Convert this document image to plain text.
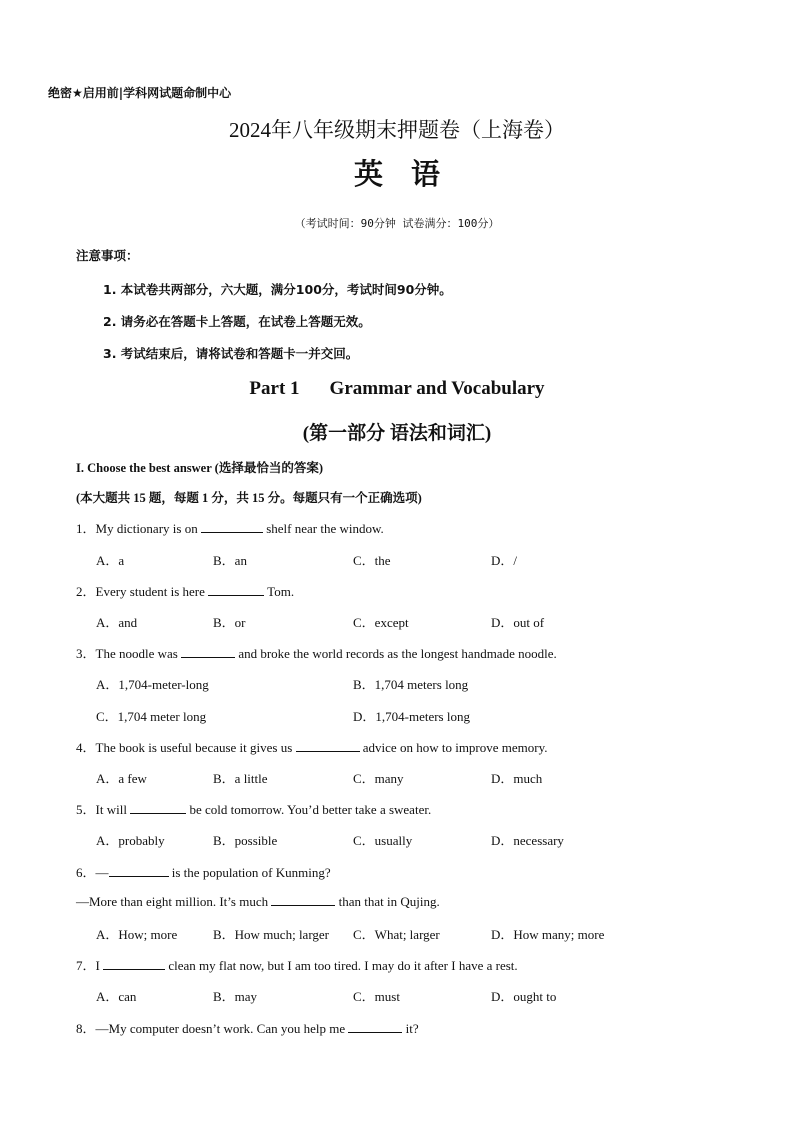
绝密★启用前|学科网试题命制中心
2024年八年级期末押题卷（上海卷）
英语
（考试时间：90分钟 试卷满分：100分）
注意事项：
1. 本试卷共两部分，六大题，满分100分，考试时间90分钟。
2. 请务必在答题卡上答题，在试卷上答题无效。
3. 考试结束后，请将试卷和答题卡一并交回。
Part 1 Grammar and Vocabulary
(第一部分 语法和词汇)
I. Choose the best answer (选择最恰当的答案)
(本大题共 15 题，每题 1 分，共 15 分。每题只有一个正确选项)
1．My dictionary is on	shelf near the window.
A．a	B．an	C．the	D．/
2．Every student is here	Tom.
A．and	B．or	C．except	D．out of
3．The noodle was	and broke the world records as the longest handmade noodle.
A．1,704-meter-long	B．1,704 meters long
C．1,704 meter long	D．1,704-meters long
4．The book is useful because it gives us	advice on how to improve memory.
A．a few	B．a little	C．many	D．much
5．It will	be cold tomorrow. You’d better take a sweater.
A．probably	B．possible	C．usually	D．necessary
6．—	is the population of Kunming?
—More than eight million. It’s much	than that in Qujing.
A．How; more	B．How much; larger C．What; larger	D．How many; more
7．I	clean my flat now, but I am too tired. I may do it after I have a rest.
A．can	B．may	C．must	D．ought to
8．—My computer doesn’t work. Can you help me	it?
